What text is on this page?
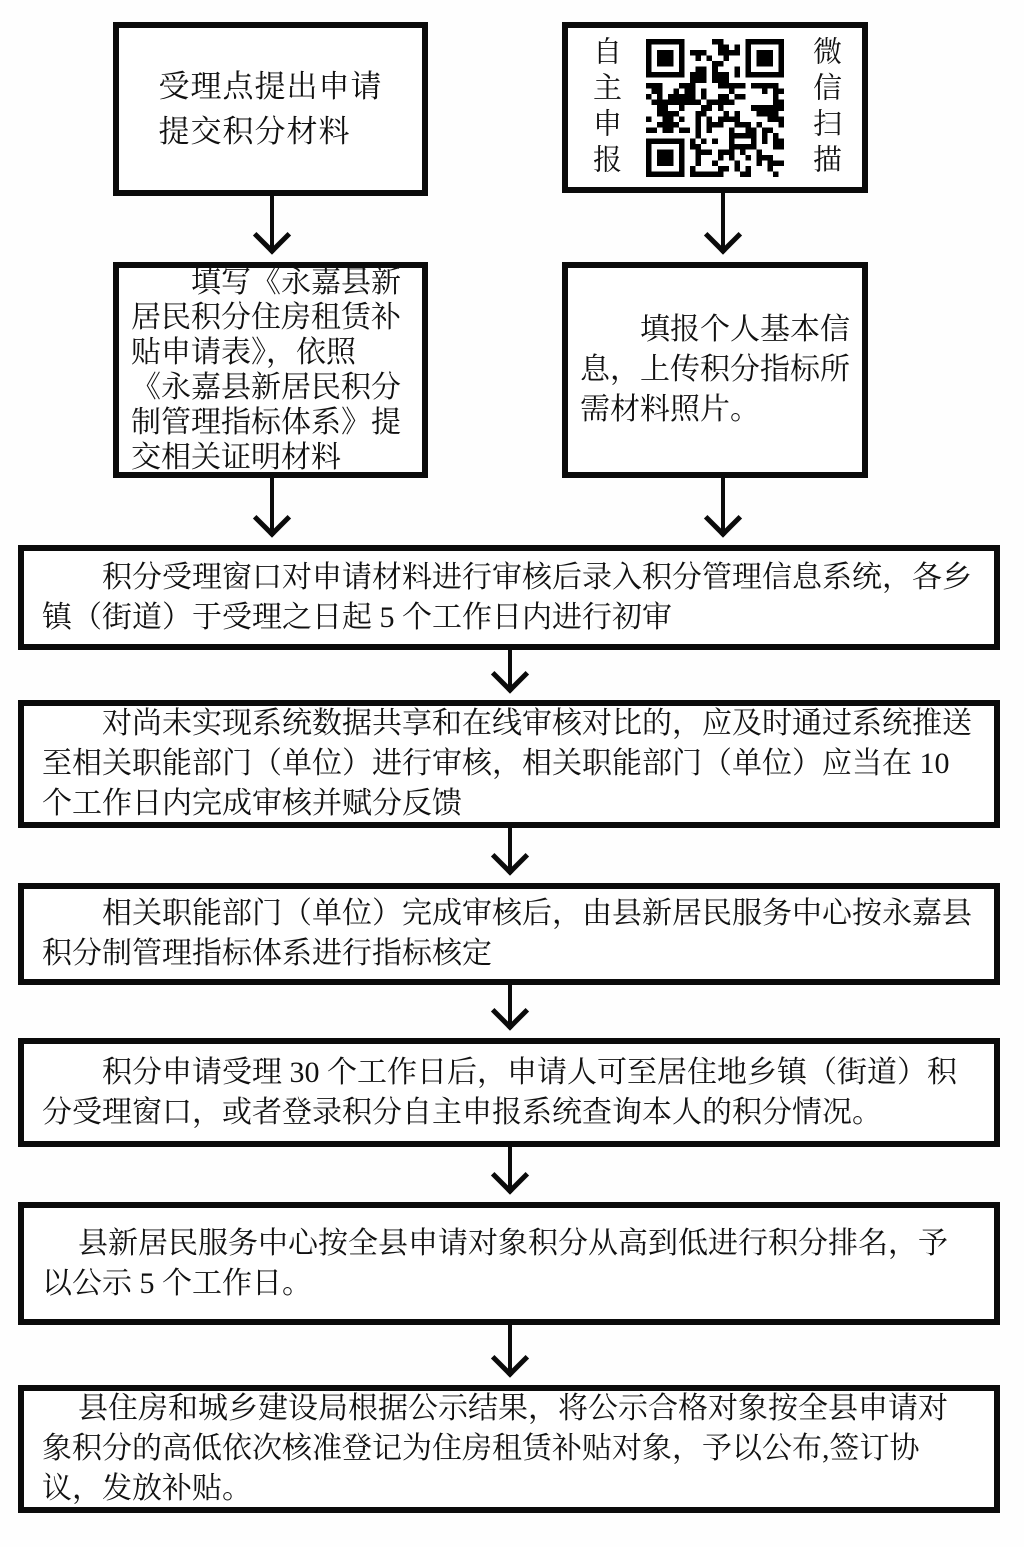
受理点提出申请
提交积分材料	自主申报	微信扫描

填写《永嘉县新居民积分住房租赁补贴申请表》，依照《永嘉县新居民积分制管理指标体系》提交相关证明材料

填报个人基本信息，上传积分指标所需材料照片。

积分受理窗口对申请材料进行审核后录入积分管理信息系统，各乡镇（街道）于受理之日起 5 个工作日内进行初审

对尚未实现系统数据共享和在线审核对比的，应及时通过系统推送至相关职能部门（单位）进行审核，相关职能部门（单位）应当在 10 个工作日内完成审核并赋分反馈

相关职能部门（单位）完成审核后，由县新居民服务中心按永嘉县积分制管理指标体系进行指标核定

积分申请受理 30 个工作日后，申请人可至居住地乡镇（街道）积分受理窗口，或者登录积分自主申报系统查询本人的积分情况。

县新居民服务中心按全县申请对象积分从高到低进行积分排名，予以公示 5 个工作日。

县住房和城乡建设局根据公示结果，将公示合格对象按全县申请对象积分的高低依次核准登记为住房租赁补贴对象，予以公布,签订协议，发放补贴。
